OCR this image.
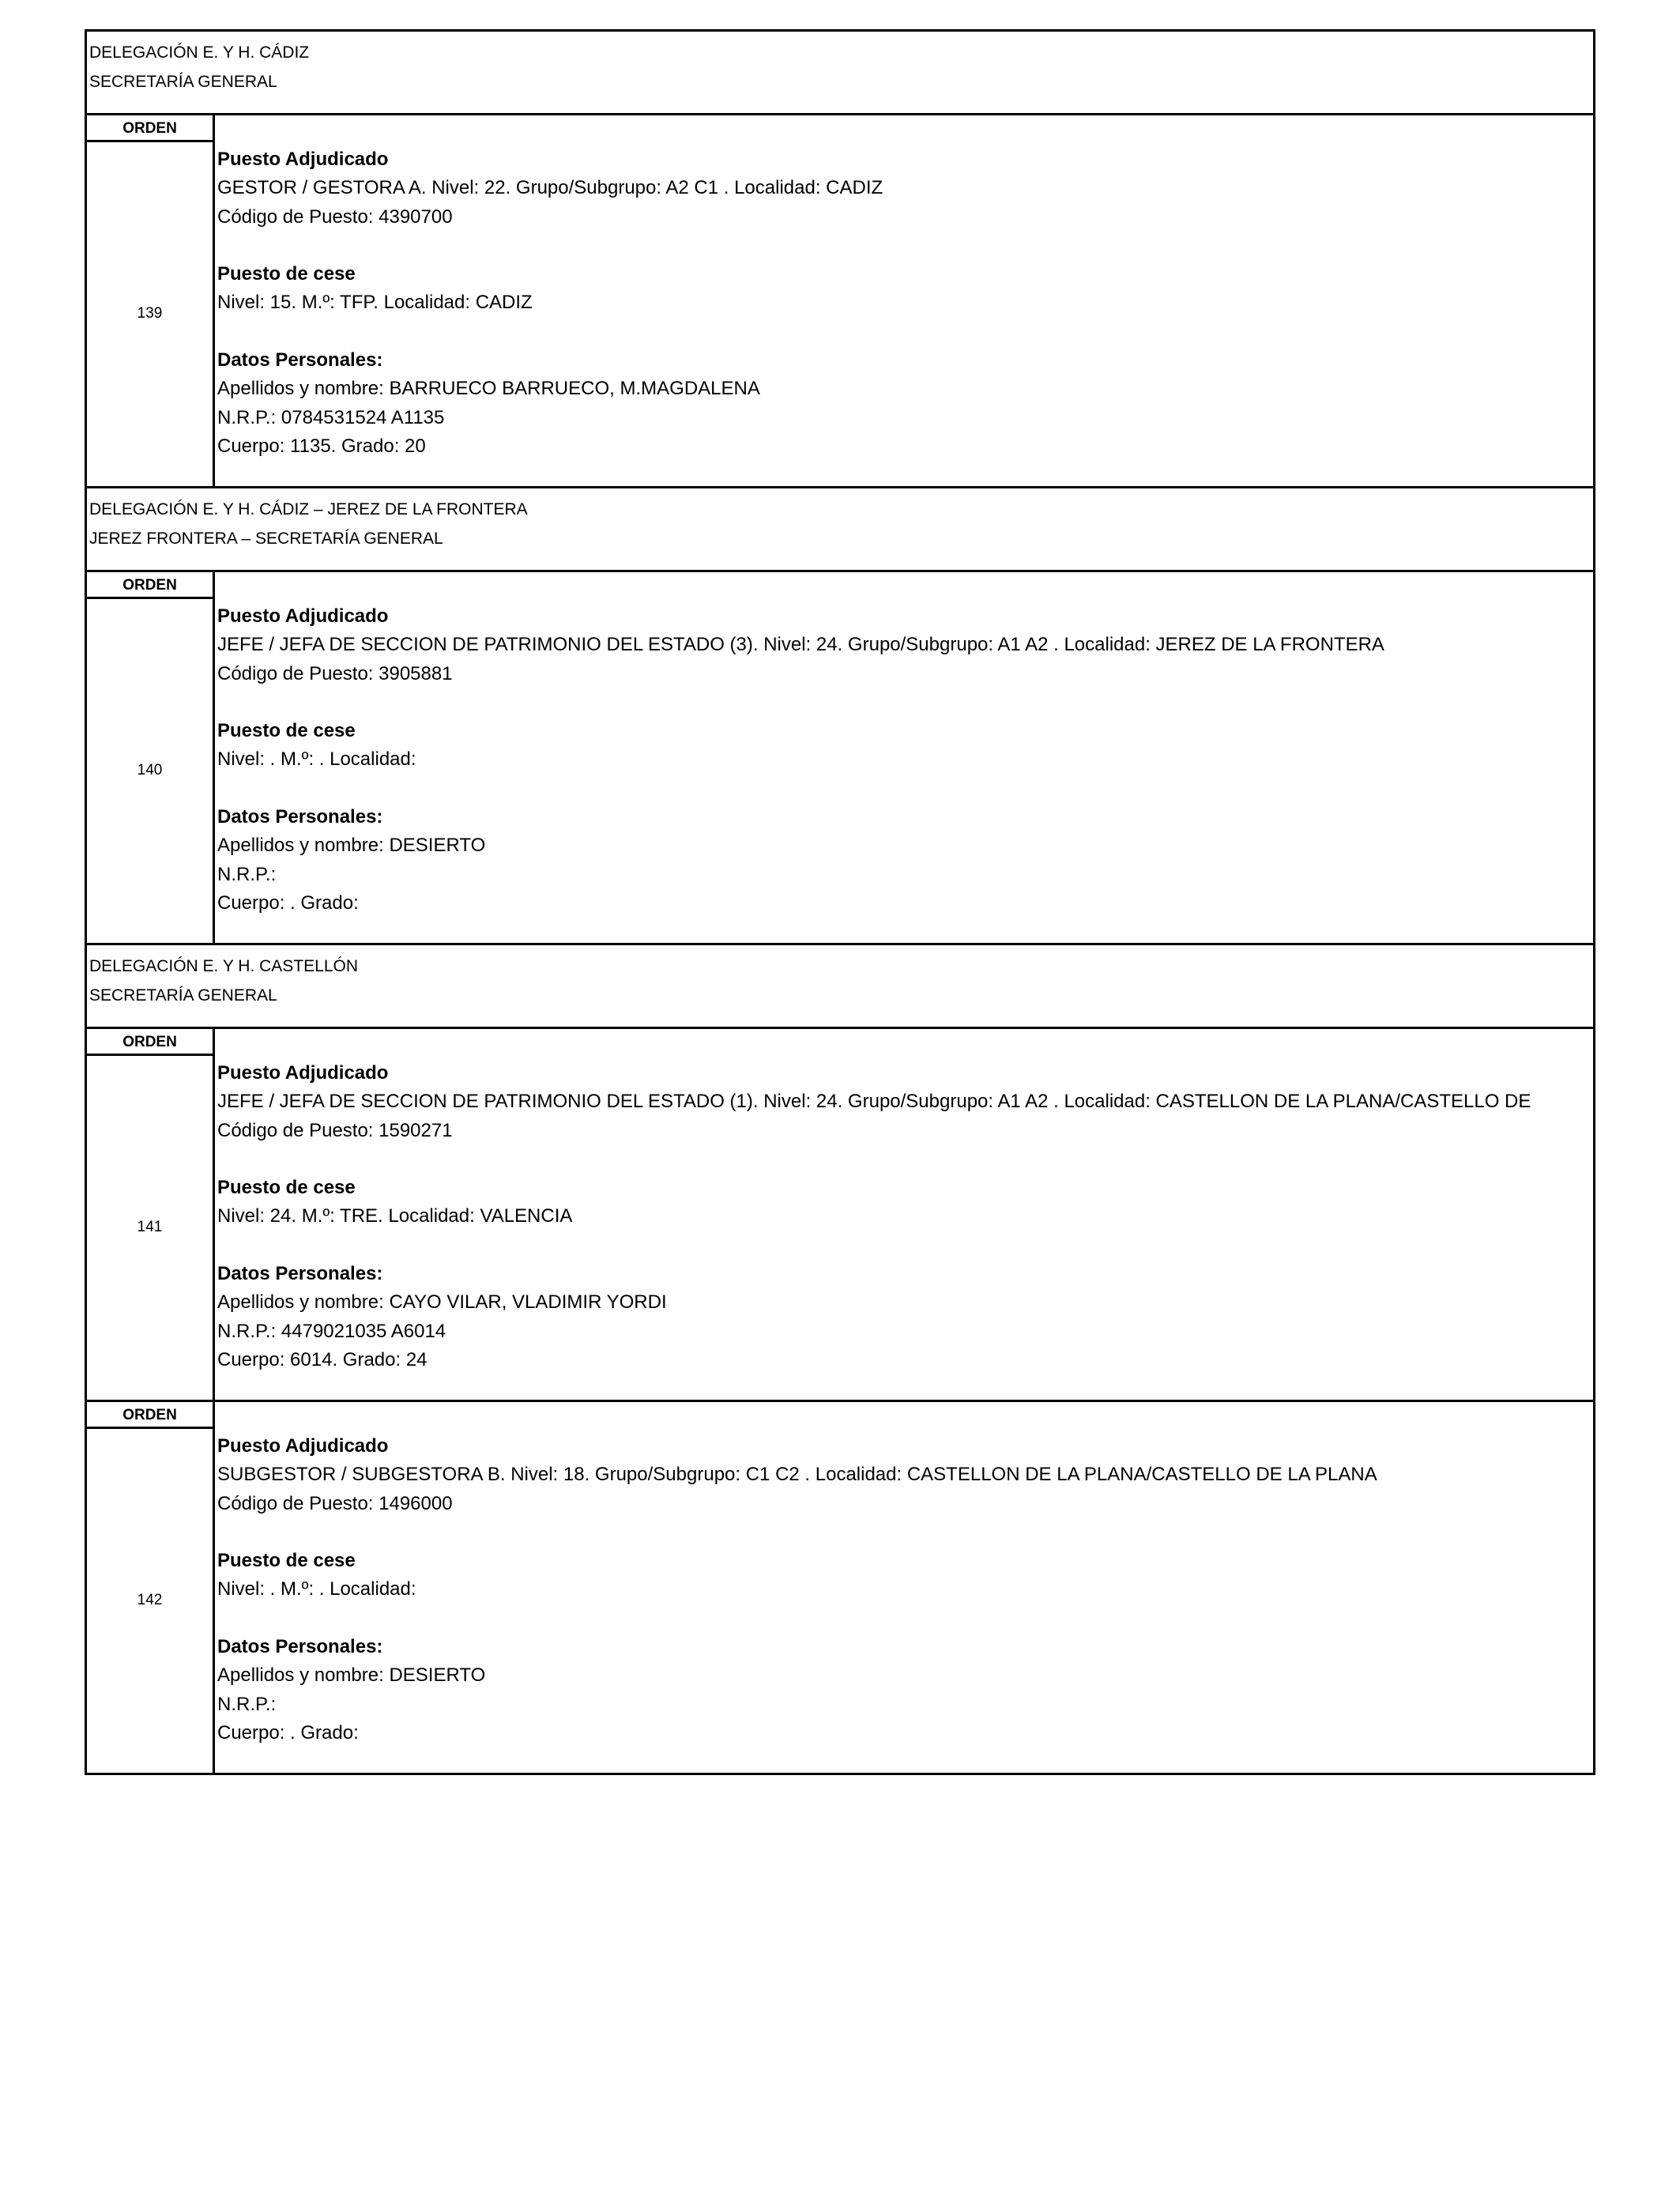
DELEGACIÓN E. Y H. CÁDIZ
SECRETARÍA GENERAL
ORDEN
139
Puesto Adjudicado
GESTOR / GESTORA A. Nivel: 22. Grupo/Subgrupo: A2 C1 . Localidad: CADIZ
Código de Puesto: 4390700
Puesto de cese
Nivel: 15. M.º: TFP. Localidad: CADIZ
Datos Personales:
Apellidos y nombre: BARRUECO BARRUECO, M.MAGDALENA
N.R.P.: 0784531524 A1135
Cuerpo: 1135. Grado: 20
DELEGACIÓN E. Y H. CÁDIZ – JEREZ DE LA FRONTERA
JEREZ FRONTERA – SECRETARÍA GENERAL
ORDEN
140
Puesto Adjudicado
JEFE / JEFA DE SECCION DE PATRIMONIO DEL ESTADO (3). Nivel: 24. Grupo/Subgrupo: A1 A2 . Localidad: JEREZ DE LA FRONTERA
Código de Puesto: 3905881
Puesto de cese
Nivel: . M.º: . Localidad:
Datos Personales:
Apellidos y nombre: DESIERTO
N.R.P.:
Cuerpo: . Grado:
DELEGACIÓN E. Y H. CASTELLÓN
SECRETARÍA GENERAL
ORDEN
141
Puesto Adjudicado
JEFE / JEFA DE SECCION DE PATRIMONIO DEL ESTADO (1). Nivel: 24. Grupo/Subgrupo: A1 A2 . Localidad: CASTELLON DE LA PLANA/CASTELLO DE
Código de Puesto: 1590271
Puesto de cese
Nivel: 24. M.º: TRE. Localidad: VALENCIA
Datos Personales:
Apellidos y nombre: CAYO VILAR, VLADIMIR YORDI
N.R.P.: 4479021035 A6014
Cuerpo: 6014. Grado: 24
ORDEN
142
Puesto Adjudicado
SUBGESTOR / SUBGESTORA B. Nivel: 18. Grupo/Subgrupo: C1 C2 . Localidad: CASTELLON DE LA PLANA/CASTELLO DE LA PLANA
Código de Puesto: 1496000
Puesto de cese
Nivel: . M.º: . Localidad:
Datos Personales:
Apellidos y nombre: DESIERTO
N.R.P.:
Cuerpo: . Grado:
